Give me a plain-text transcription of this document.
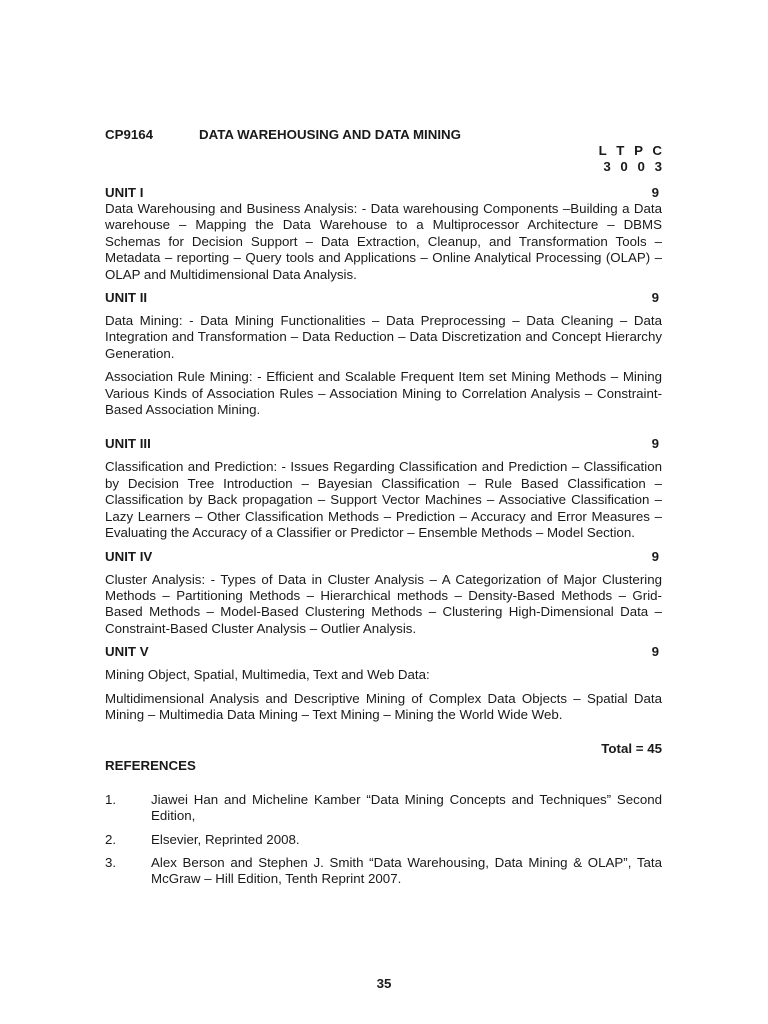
CP9164	DATA WAREHOUSING AND DATA MINING
L T P C
3 0 0 3
UNIT I	9

Data Warehousing and Business Analysis: - Data warehousing Components –Building a Data warehouse – Mapping the Data Warehouse to a Multiprocessor Architecture – DBMS Schemas for Decision Support – Data Extraction, Cleanup, and Transformation Tools –Metadata – reporting – Query tools and Applications – Online Analytical Processing (OLAP) – OLAP and Multidimensional Data Analysis.

UNIT II	9

Data Mining: - Data Mining Functionalities – Data Preprocessing – Data Cleaning – Data Integration and Transformation – Data Reduction – Data Discretization and Concept Hierarchy Generation.

Association Rule Mining: - Efficient and Scalable Frequent Item set Mining Methods – Mining Various Kinds of Association Rules – Association Mining to Correlation Analysis – Constraint-Based Association Mining.

UNIT III	9

Classification and Prediction: - Issues Regarding Classification and Prediction – Classification by Decision Tree Introduction – Bayesian Classification – Rule Based Classification – Classification by Back propagation – Support Vector Machines – Associative Classification – Lazy Learners – Other Classification Methods – Prediction – Accuracy and Error Measures – Evaluating the Accuracy of a Classifier or Predictor – Ensemble Methods – Model Section.

UNIT IV	9

Cluster Analysis: - Types of Data in Cluster Analysis – A Categorization of Major Clustering Methods – Partitioning Methods – Hierarchical methods – Density-Based Methods – Grid-Based Methods – Model-Based Clustering Methods – Clustering High-Dimensional Data – Constraint-Based Cluster Analysis – Outlier Analysis.

UNIT V	9

Mining Object, Spatial, Multimedia, Text and Web Data:

Multidimensional Analysis and Descriptive Mining of Complex Data Objects – Spatial Data Mining – Multimedia Data Mining – Text Mining – Mining the World Wide Web.

Total = 45
REFERENCES
1.	Jiawei Han and Micheline Kamber “Data Mining Concepts and Techniques” Second Edition,
2.	Elsevier, Reprinted 2008.
3.	Alex Berson and Stephen J. Smith “Data Warehousing, Data Mining & OLAP”, Tata McGraw – Hill Edition, Tenth Reprint 2007.
35
